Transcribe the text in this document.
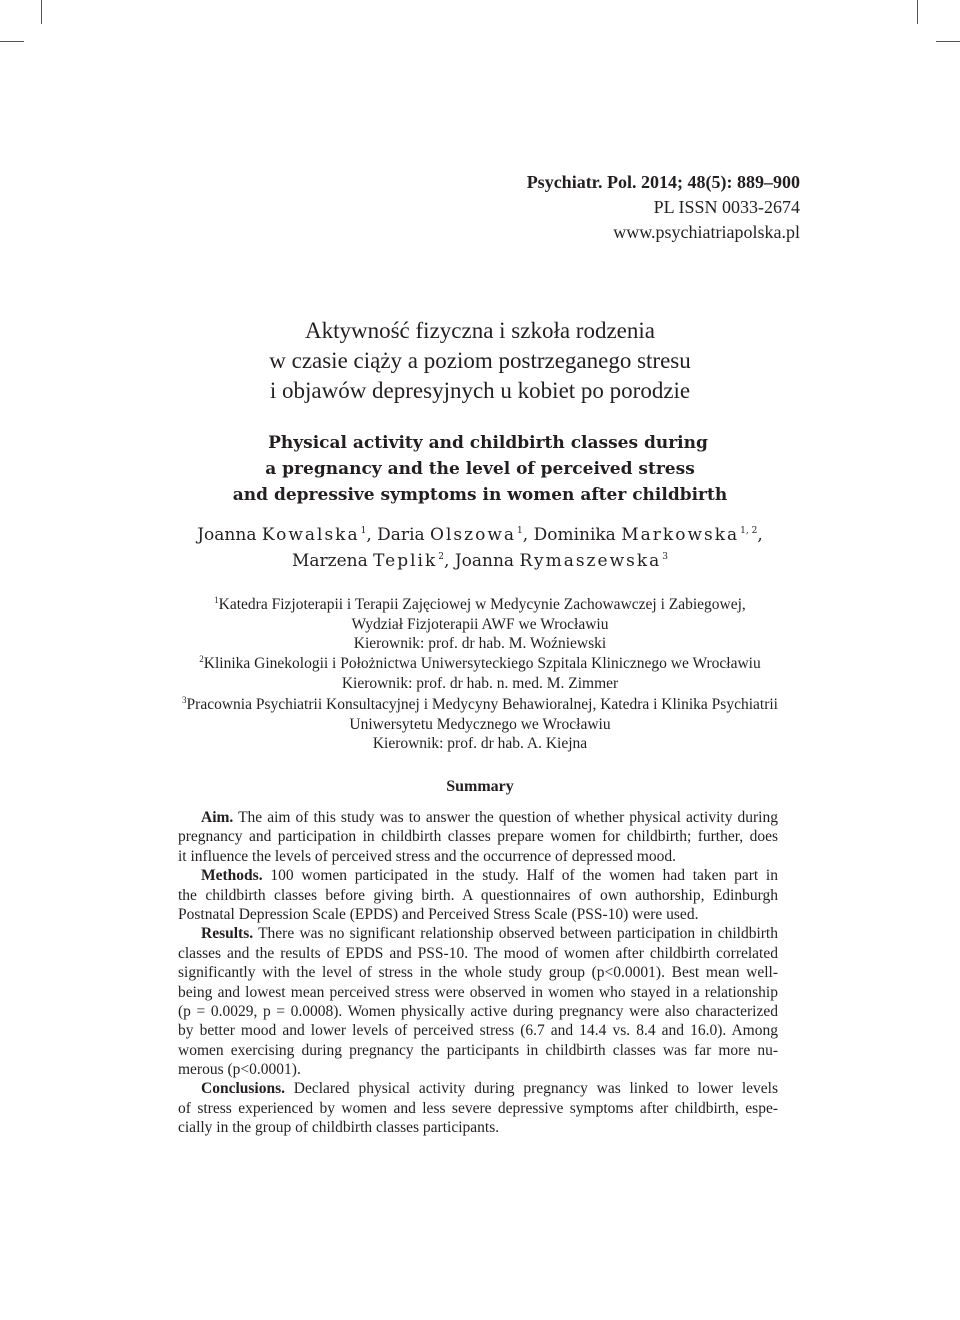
Psychiatr. Pol. 2014; 48(5): 889–900
PL ISSN 0033-2674
www.psychiatriapolska.pl
Aktywność fizyczna i szkoła rodzenia
w czasie ciąży a poziom postrzeganego stresu
i objawów depresyjnych u kobiet po porodzie
Physical activity and childbirth classes during
a pregnancy and the level of perceived stress
and depressive symptoms in women after childbirth
Joanna Kowalska$^1$, Daria Olszowa$^1$, Dominika Markowska$^{1, 2}$,
Marzena Teplik$^2$, Joanna Rymaszewska$^3$
$^1$Katedra Fizjoterapii i Terapii Zajęciowej w Medycynie Zachowawczej i Zabiegowej,
Wydział Fizjoterapii AWF we Wrocławiu
Kierownik: prof. dr hab. M. Woźniewski
$^2$Klinika Ginekologii i Położnictwa Uniwersyteckiego Szpitala Klinicznego we Wrocławiu
Kierownik: prof. dr hab. n. med. M. Zimmer
$^3$Pracownia Psychiatrii Konsultacyjnej i Medycyny Behawioralnej, Katedra i Klinika Psychiatrii
Uniwersytetu Medycznego we Wrocławiu
Kierownik: prof. dr hab. A. Kiejna
Summary
Aim. The aim of this study was to answer the question of whether physical activity during
pregnancy and participation in childbirth classes prepare women for childbirth; further, does
it influence the levels of perceived stress and the occurrence of depressed mood.
Methods. 100 women participated in the study. Half of the women had taken part in
the childbirth classes before giving birth. A questionnaires of own authorship, Edinburgh
Postnatal Depression Scale (EPDS) and Perceived Stress Scale (PSS-10) were used.
Results. There was no significant relationship observed between participation in childbirth
classes and the results of EPDS and PSS-10. The mood of women after childbirth correlated
significantly with the level of stress in the whole study group (p<0.0001). Best mean well-
being and lowest mean perceived stress were observed in women who stayed in a relationship
(p = 0.0029, p = 0.0008). Women physically active during pregnancy were also characterized
by better mood and lower levels of perceived stress (6.7 and 14.4 vs. 8.4 and 16.0). Among
women exercising during pregnancy the participants in childbirth classes was far more nu-
merous (p<0.0001).
Conclusions. Declared physical activity during pregnancy was linked to lower levels
of stress experienced by women and less severe depressive symptoms after childbirth, espe-
cially in the group of childbirth classes participants.
